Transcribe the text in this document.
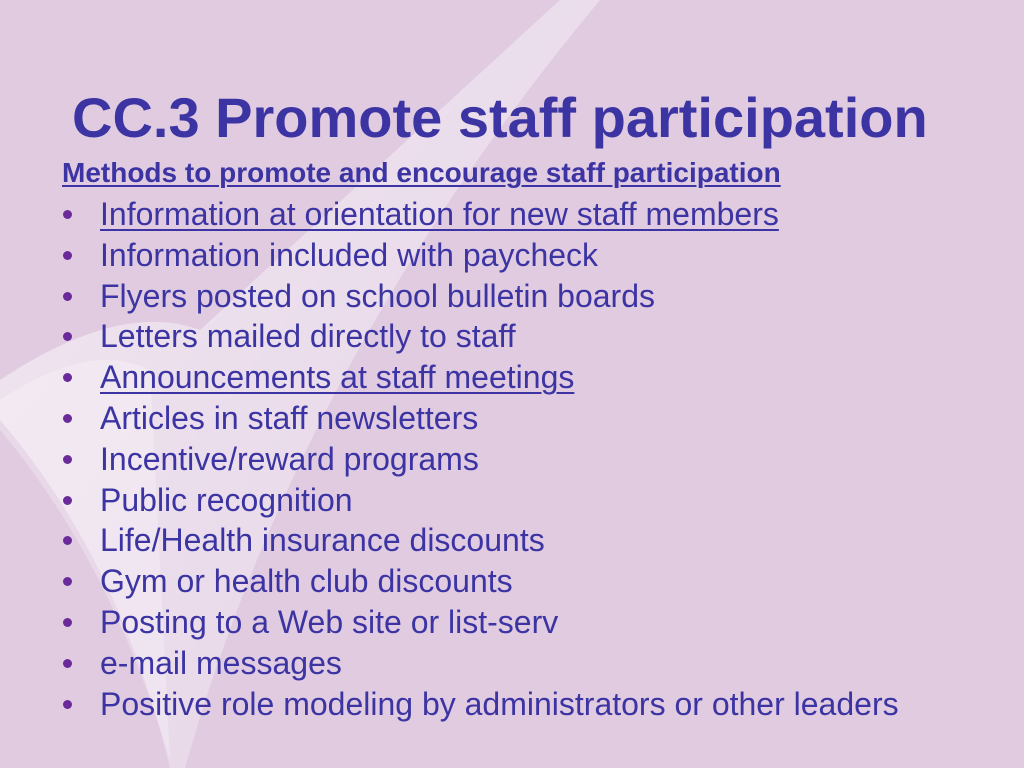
CC.3 Promote staff participation
Methods to promote and encourage staff participation
Information at orientation for new staff members
Information included with paycheck
Flyers posted on school bulletin boards
Letters mailed directly to staff
Announcements at staff meetings
Articles in staff newsletters
Incentive/reward programs
Public recognition
Life/Health insurance discounts
Gym or health club discounts
Posting to a Web site or list-serv
e-mail messages
Positive role modeling by administrators or other leaders
